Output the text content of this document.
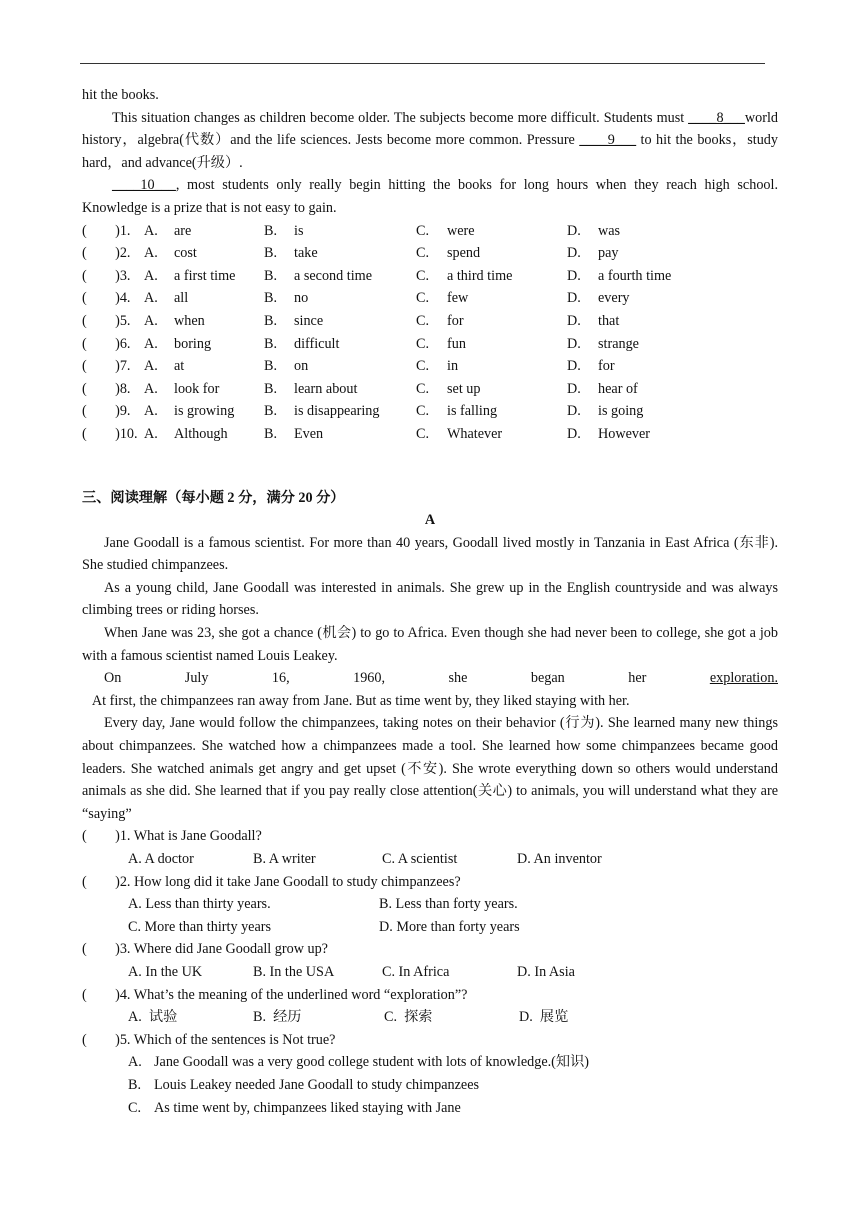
hit the books.

This situation changes as children become older. The subjects become more difficult. Students must ____8___world history，algebra(代数）and the life sciences. Jests become more common. Pressure ____9___ to hit the books，study hard，and advance(升级）.

____10___, most students only really begin hitting the books for long hours when they reach high school. Knowledge is a prize that is not easy to gain.

(        )1.	A.	are	B.	is	C.	were	D.	was
(        )2.	A.	cost	B.	take	C.	spend	D.	pay
(        )3.	A.	a first time	B.	a second time	C.	a third time	D.	a fourth time
(        )4.	A.	all	B.	no	C.	few	D.	every
(        )5.	A.	when	B.	since	C.	for	D.	that
(        )6.	A.	boring	B.	difficult	C.	fun	D.	strange
(        )7.	A.	at	B.	on	C.	in	D.	for
(        )8.	A.	look for	B.	learn about	C.	set up	D.	hear of
(        )9.	A.	is growing	B.	is disappearing	C.	is falling	D.	is going
(        )10.	A.	Although	B.	Even	C.	Whatever	D.	However
三、阅读理解（每小题 2 分，满分 20 分）
A

Jane Goodall is a famous scientist. For more than 40 years, Goodall lived mostly in Tanzania in East Africa (东非). She studied chimpanzees.

As a young child, Jane Goodall was interested in animals. She grew up in the English countryside and was always climbing trees or riding horses.

When Jane was 23, she got a chance (机会) to go to Africa. Even though she had never been to college, she got a job with a famous scientist named Louis Leakey.

On July 16, 1960, she began her exploration.   At first, the chimpanzees ran away from Jane. But as time went by, they liked staying with her.

Every day, Jane would follow the chimpanzees, taking notes on their behavior (行为). She learned many new things about chimpanzees. She watched how a chimpanzees made a tool. She learned how some chimpanzees became good leaders. She watched animals get angry and get upset (不安). She wrote everything down so others would understand animals as she did. She learned that if you pay really close attention(关心) to animals, you will understand what they are “saying”

(        )1. What is Jane Goodall?
A. A doctor	B. A writer	C. A scientist	D. An inventor
(        )2. How long did it take Jane Goodall to study chimpanzees?
A. Less than thirty years.	B. Less than forty years.
C. More than thirty years	D. More than forty years
(        )3. Where did Jane Goodall grow up?
A. In the UK	B. In the USA	C. In Africa	D. In Asia
(        )4. What’s the meaning of the underlined word “exploration”?
A.  试验	B.  经历	C.  探索	D.  展览
(        )5. Which of the sentences is Not true?
A. Jane Goodall was a very good college student with lots of knowledge.(知识)
B. Louis Leakey needed Jane Goodall to study chimpanzees
C. As time went by, chimpanzees liked staying with Jane
